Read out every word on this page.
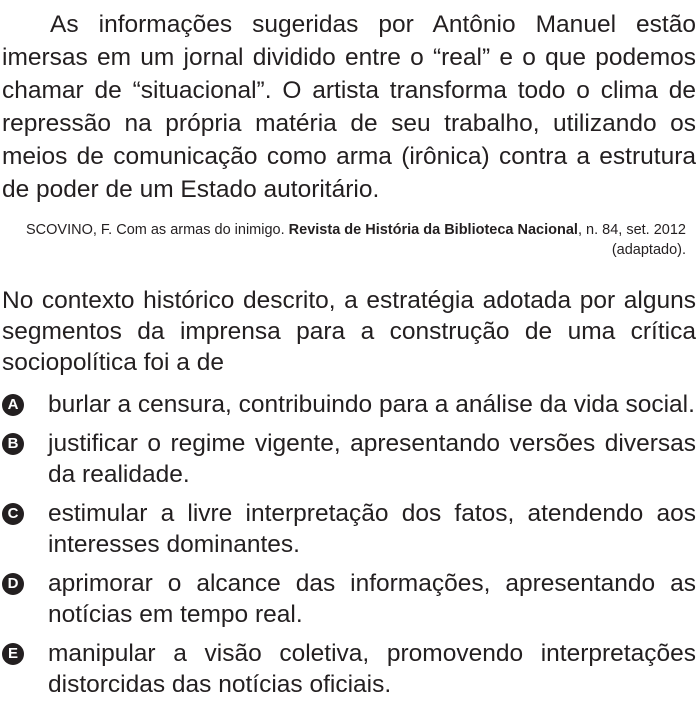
As informações sugeridas por Antônio Manuel estão imersas em um jornal dividido entre o “real” e o que podemos chamar de “situacional”. O artista transforma todo o clima de repressão na própria matéria de seu trabalho, utilizando os meios de comunicação como arma (irônica) contra a estrutura de poder de um Estado autoritário.

SCOVINO, F. Com as armas do inimigo. Revista de História da Biblioteca Nacional, n. 84, set. 2012 (adaptado).

No contexto histórico descrito, a estratégia adotada por alguns segmentos da imprensa para a construção de uma crítica sociopolítica foi a de

A burlar a censura, contribuindo para a análise da vida social.
B justificar o regime vigente, apresentando versões diversas da realidade.
C estimular a livre interpretação dos fatos, atendendo aos interesses dominantes.
D aprimorar o alcance das informações, apresentando as notícias em tempo real.
E manipular a visão coletiva, promovendo interpretações distorcidas das notícias oficiais.
